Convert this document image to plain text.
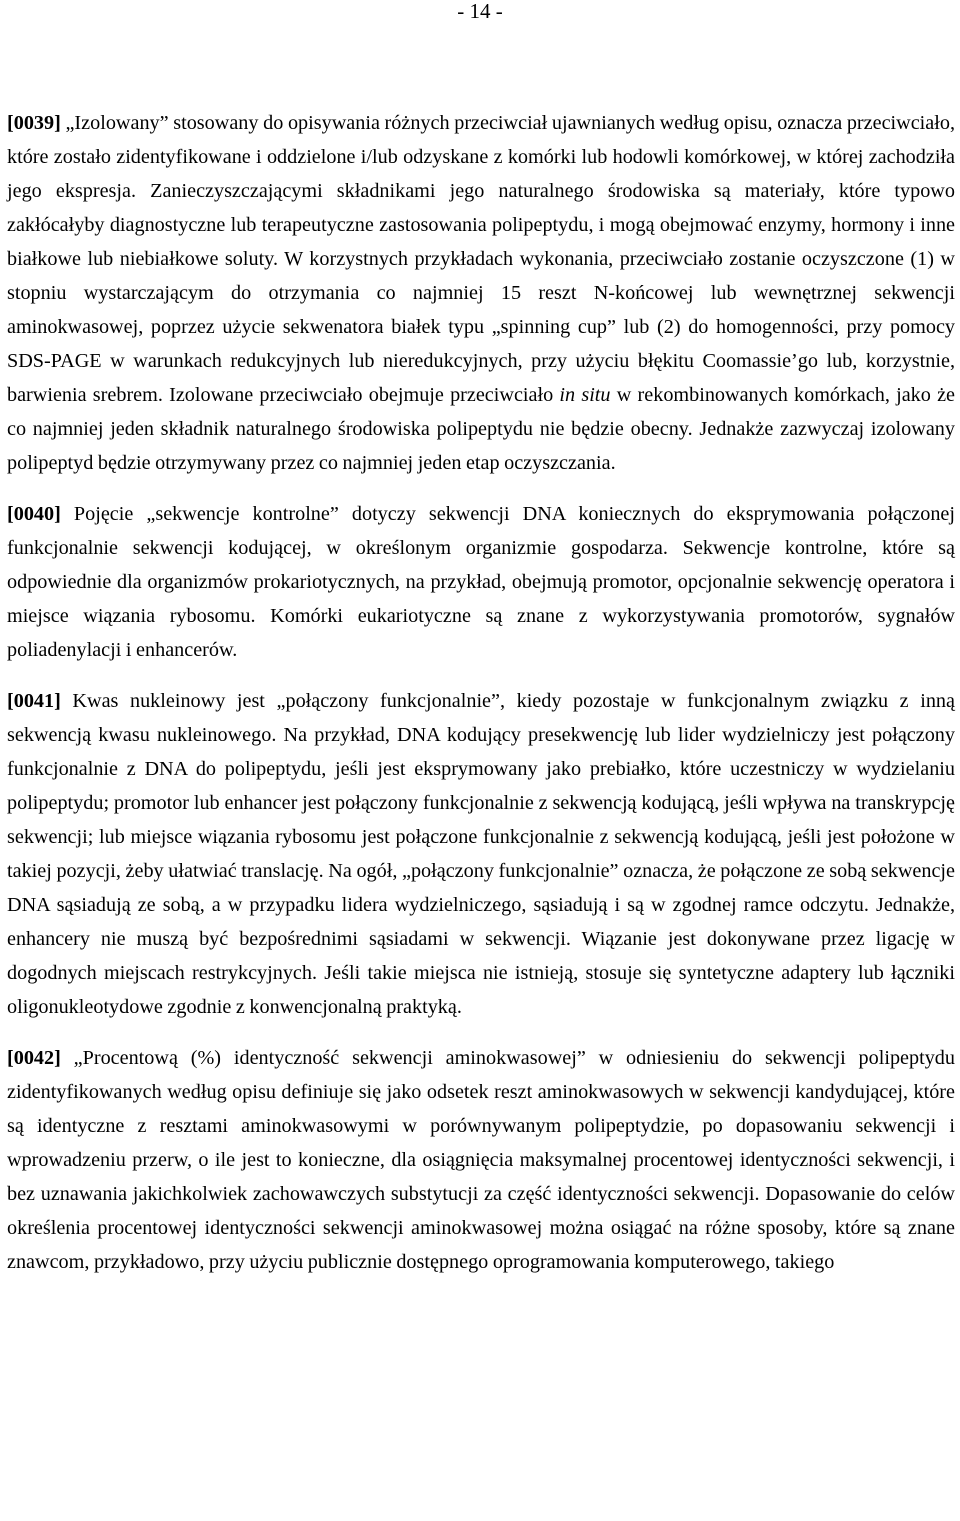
- 14 -

[0039] „Izolowany” stosowany do opisywania różnych przeciwciał ujawnianych według opisu, oznacza przeciwciało, które zostało zidentyfikowane i oddzielone i/lub odzyskane z komórki lub hodowli komórkowej, w której zachodziła jego ekspresja. Zanieczyszczającymi składnikami jego naturalnego środowiska są materiały, które typowo zakłócałyby diagnostyczne lub terapeutyczne zastosowania polipeptydu, i mogą obejmować enzymy, hormony i inne białkowe lub niebiałkowe soluty. W korzystnych przykładach wykonania, przeciwciało zostanie oczyszczone (1) w stopniu wystarczającym do otrzymania co najmniej 15 reszt N-końcowej lub wewnętrznej sekwencji aminokwasowej, poprzez użycie sekwenatora białek typu „spinning cup” lub (2) do homogenności, przy pomocy SDS-PAGE w warunkach redukcyjnych lub nieredukcyjnych, przy użyciu błękitu Coomassie’go lub, korzystnie, barwienia srebrem. Izolowane przeciwciało obejmuje przeciwciało in situ w rekombinowanych komórkach, jako że co najmniej jeden składnik naturalnego środowiska polipeptydu nie będzie obecny. Jednakże zazwyczaj izolowany polipeptyd będzie otrzymywany przez co najmniej jeden etap oczyszczania.

[0040] Pojęcie „sekwencje kontrolne” dotyczy sekwencji DNA koniecznych do eksprymowania połączonej funkcjonalnie sekwencji kodującej, w określonym organizmie gospodarza. Sekwencje kontrolne, które są odpowiednie dla organizmów prokariotycznych, na przykład, obejmują promotor, opcjonalnie sekwencję operatora i miejsce wiązania rybosomu. Komórki eukariotyczne są znane z wykorzystywania promotorów, sygnałów poliadenylacji i enhancerów.

[0041] Kwas nukleinowy jest „połączony funkcjonalnie”, kiedy pozostaje w funkcjonalnym związku z inną sekwencją kwasu nukleinowego. Na przykład, DNA kodujący presekwencję lub lider wydzielniczy jest połączony funkcjonalnie z DNA do polipeptydu, jeśli jest eksprymowany jako prebiałko, które uczestniczy w wydzielaniu polipeptydu; promotor lub enhancer jest połączony funkcjonalnie z sekwencją kodującą, jeśli wpływa na transkrypcję sekwencji; lub miejsce wiązania rybosomu jest połączone funkcjonalnie z sekwencją kodującą, jeśli jest położone w takiej pozycji, żeby ułatwiać translację. Na ogół, „połączony funkcjonalnie” oznacza, że połączone ze sobą sekwencje DNA sąsiadują ze sobą, a w przypadku lidera wydzielniczego, sąsiadują i są w zgodnej ramce odczytu. Jednakże, enhancery nie muszą być bezpośrednimi sąsiadami w sekwencji. Wiązanie jest dokonywane przez ligację w dogodnych miejscach restrykcyjnych. Jeśli takie miejsca nie istnieją, stosuje się syntetyczne adaptery lub łączniki oligonukleotydowe zgodnie z konwencjonalną praktyką.

[0042] „Procentową (%) identyczność sekwencji aminokwasowej” w odniesieniu do sekwencji polipeptydu zidentyfikowanych według opisu definiuje się jako odsetek reszt aminokwasowych w sekwencji kandydującej, które są identyczne z resztami aminokwasowymi w porównywanym polipeptydzie, po dopasowaniu sekwencji i wprowadzeniu przerw, o ile jest to konieczne, dla osiągnięcia maksymalnej procentowej identyczności sekwencji, i bez uznawania jakichkolwiek zachowawczych substytucji za część identyczności sekwencji. Dopasowanie do celów określenia procentowej identyczności sekwencji aminokwasowej można osiągać na różne sposoby, które są znane znawcom, przykładowo, przy użyciu publicznie dostępnego oprogramowania komputerowego, takiego
